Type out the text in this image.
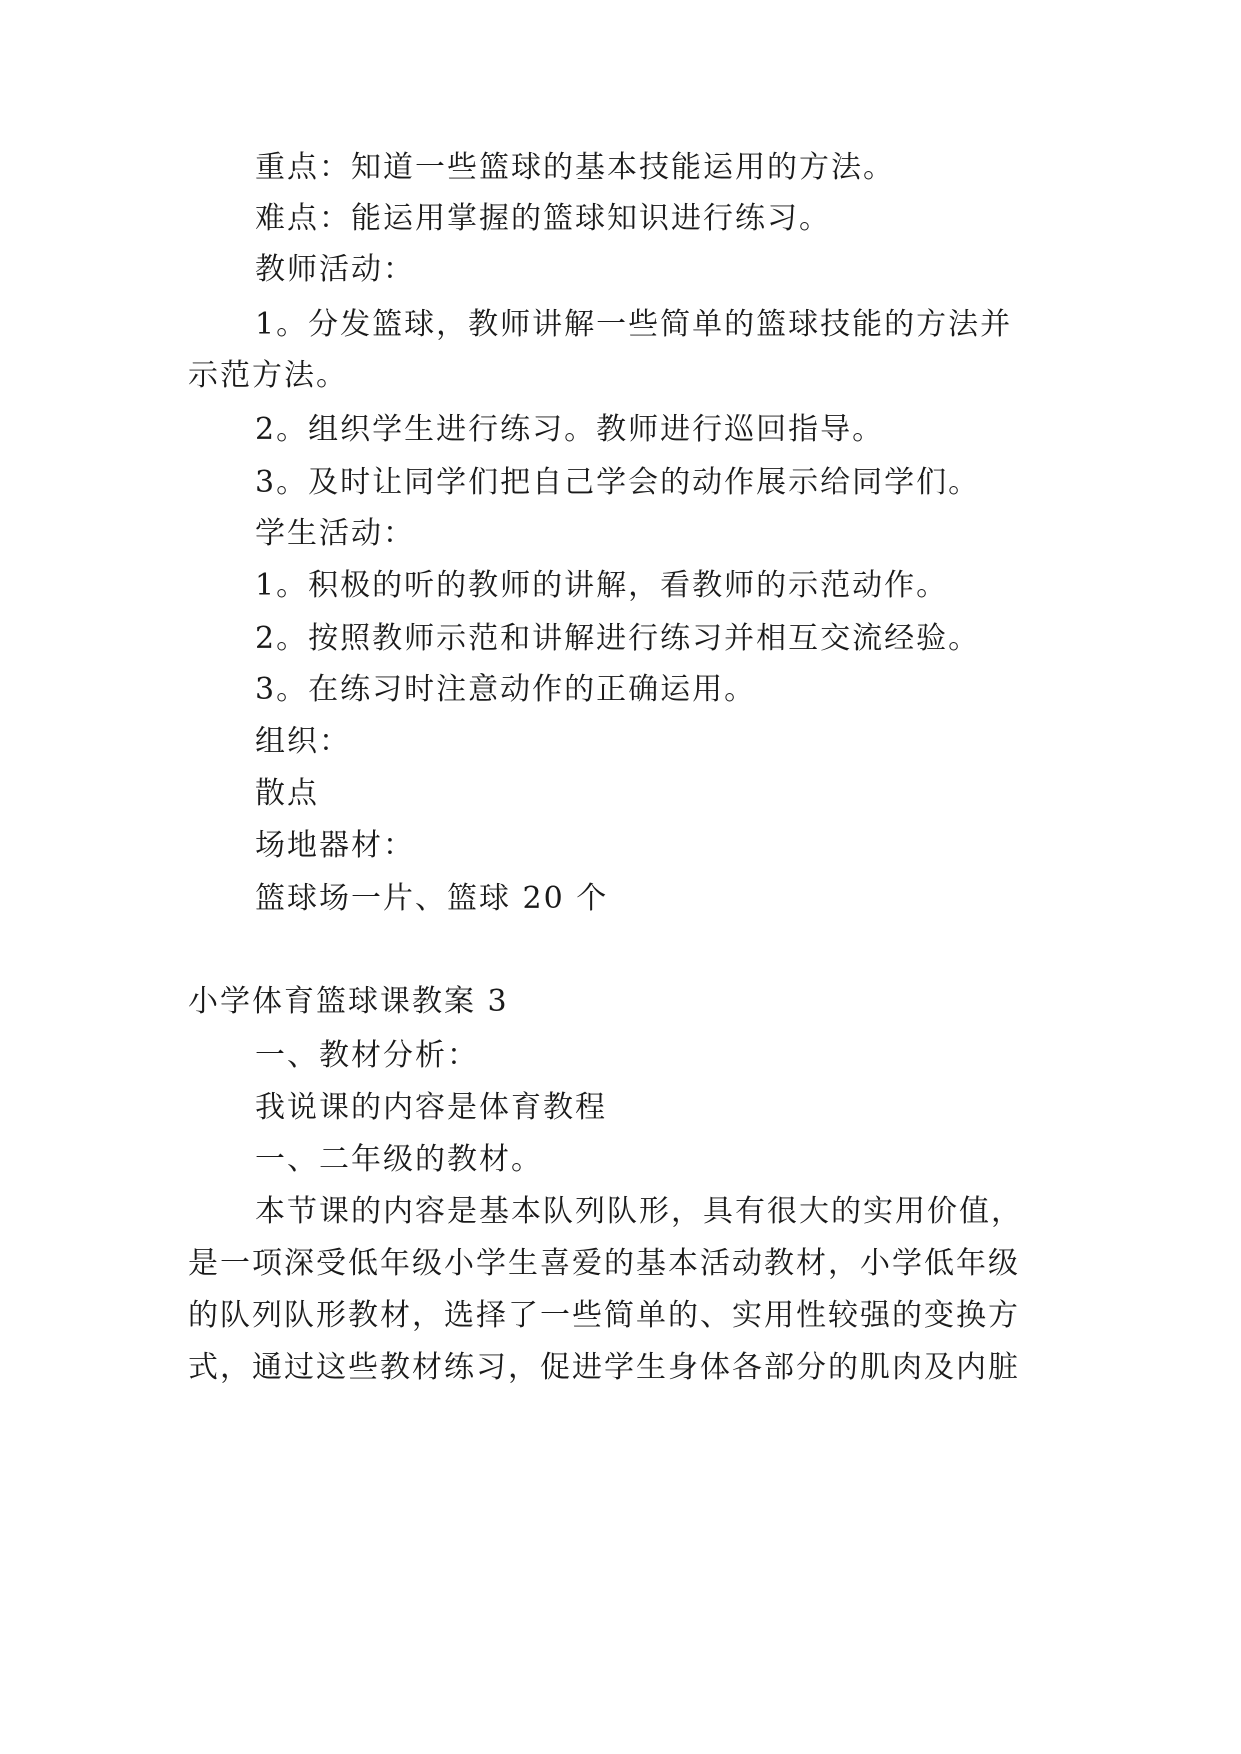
重点：知道一些篮球的基本技能运用的方法。
难点：能运用掌握的篮球知识进行练习。
教师活动：
1。分发篮球，教师讲解一些简单的篮球技能的方法并
示范方法。
2。组织学生进行练习。教师进行巡回指导。
3。及时让同学们把自己学会的动作展示给同学们。
学生活动：
1。积极的听的教师的讲解，看教师的示范动作。
2。按照教师示范和讲解进行练习并相互交流经验。
3。在练习时注意动作的正确运用。
组织：
散点
场地器材：
篮球场一片、篮球 20 个
小学体育篮球课教案 3
一、教材分析：
我说课的内容是体育教程
一、二年级的教材。
本节课的内容是基本队列队形，具有很大的实用价值，
是一项深受低年级小学生喜爱的基本活动教材，小学低年级
的队列队形教材，选择了一些简单的、实用性较强的变换方
式，通过这些教材练习，促进学生身体各部分的肌肉及内脏
